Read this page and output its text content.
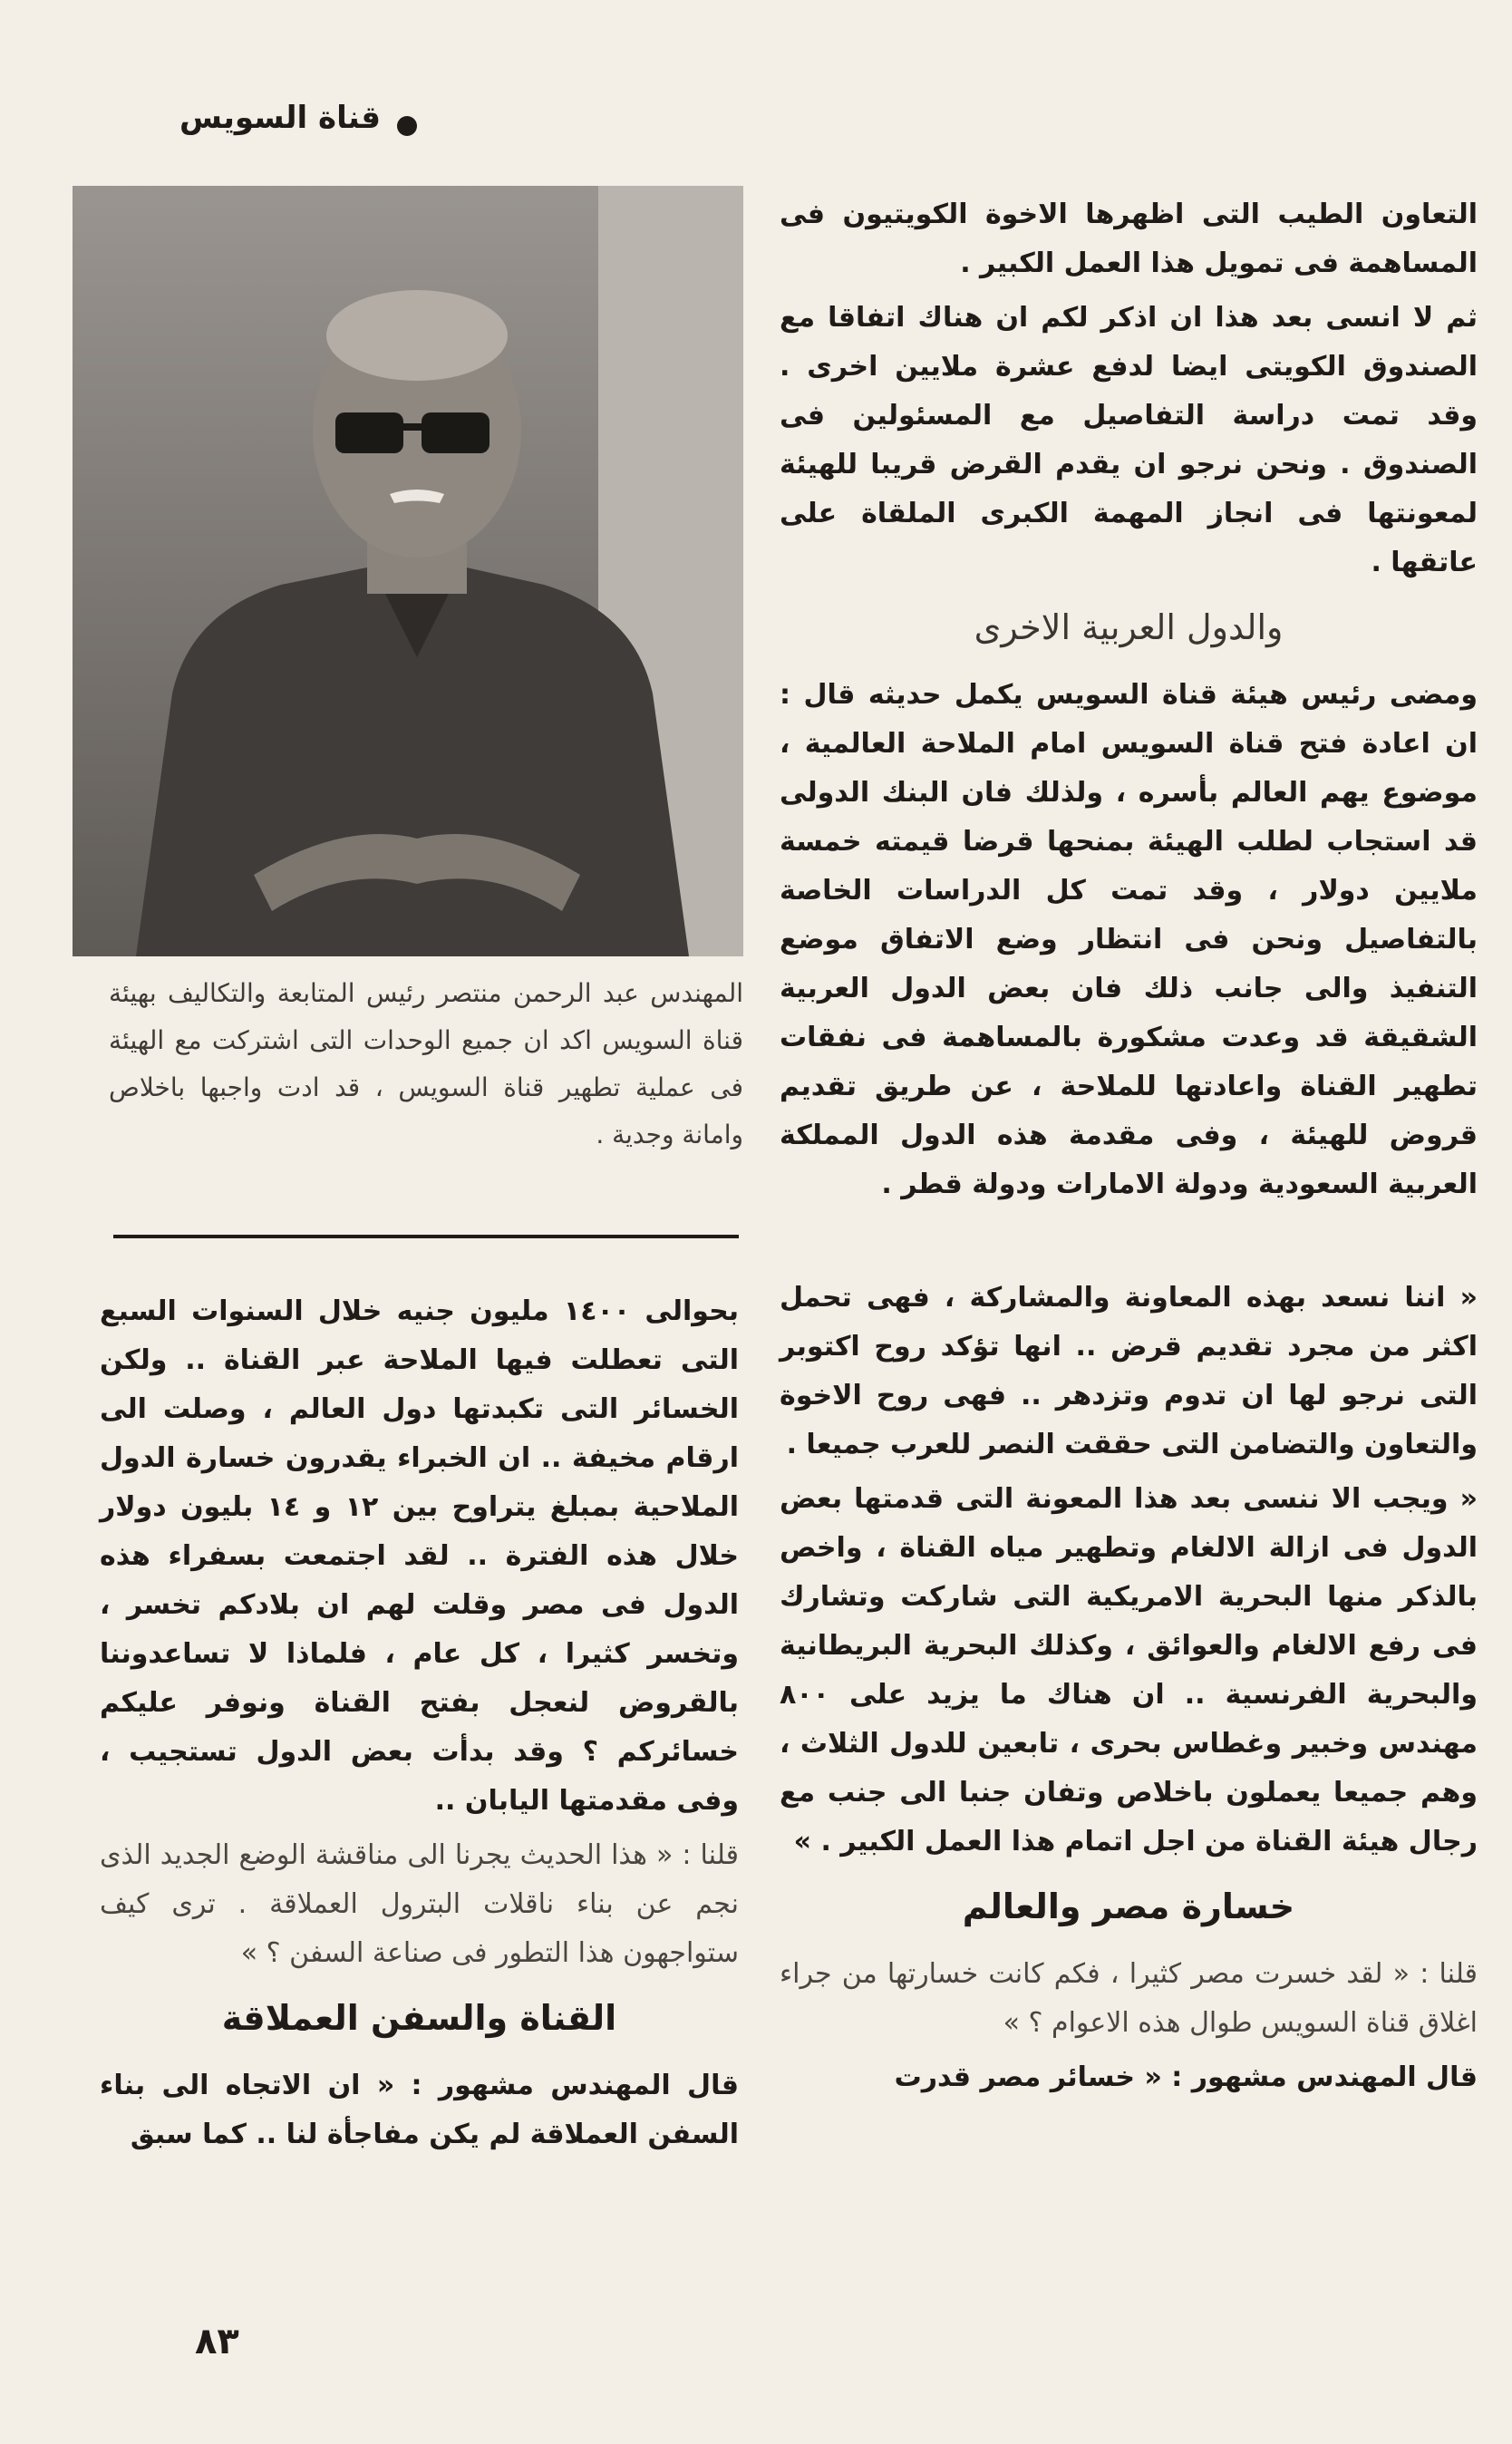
قناة السويس

المهندس عبد الرحمن منتصر رئيس المتابعة والتكاليف بهيئة قناة السويس اكد ان جميع الوحدات التى اشتركت مع الهيئة فى عملية تطهير قناة السويس ، قد ادت واجبها باخلاص وامانة وجدية .

التعاون الطيب التى اظهرها الاخوة الكويتيون فى المساهمة فى تمويل هذا العمل الكبير .

ثم لا انسى بعد هذا ان اذكر لكم ان هناك اتفاقا مع الصندوق الكويتى ايضا لدفع عشرة ملايين اخرى . وقد تمت دراسة التفاصيل مع المسئولين فى الصندوق . ونحن نرجو ان يقدم القرض قريبا للهيئة لمعونتها فى انجاز المهمة الكبرى الملقاة على عاتقها .

والدول العربية الاخرى

ومضى رئيس هيئة قناة السويس يكمل حديثه قال : ان اعادة فتح قناة السويس امام الملاحة العالمية ، موضوع يهم العالم بأسره ، ولذلك فان البنك الدولى قد استجاب لطلب الهيئة بمنحها قرضا قيمته خمسة ملايين دولار ، وقد تمت كل الدراسات الخاصة بالتفاصيل ونحن فى انتظار وضع الاتفاق موضع التنفيذ والى جانب ذلك فان بعض الدول العربية الشقيقة قد وعدت مشكورة بالمساهمة فى نفقات تطهير القناة واعادتها للملاحة ، عن طريق تقديم قروض للهيئة ، وفى مقدمة هذه الدول المملكة العربية السعودية ودولة الامارات ودولة قطر .

« اننا نسعد بهذه المعاونة والمشاركة ، فهى تحمل اكثر من مجرد تقديم قرض .. انها تؤكد روح اكتوبر التى نرجو لها ان تدوم وتزدهر .. فهى روح الاخوة والتعاون والتضامن التى حققت النصر للعرب جميعا .

« ويجب الا ننسى بعد هذا المعونة التى قدمتها بعض الدول فى ازالة الالغام وتطهير مياه القناة ، واخص بالذكر منها البحرية الامريكية التى شاركت وتشارك فى رفع الالغام والعوائق ، وكذلك البحرية البريطانية والبحرية الفرنسية .. ان هناك ما يزيد على ٨٠٠ مهندس وخبير وغطاس بحرى ، تابعين للدول الثلاث ، وهم جميعا يعملون باخلاص وتفان جنبا الى جنب مع رجال هيئة القناة من اجل اتمام هذا العمل الكبير . »

خسارة مصر والعالم

قلنا : « لقد خسرت مصر كثيرا ، فكم كانت خسارتها من جراء اغلاق قناة السويس طوال هذه الاعوام ؟ »

قال المهندس مشهور : « خسائر مصر قدرت

بحوالى ١٤٠٠ مليون جنيه خلال السنوات السبع التى تعطلت فيها الملاحة عبر القناة .. ولكن الخسائر التى تكبدتها دول العالم ، وصلت الى ارقام مخيفة .. ان الخبراء يقدرون خسارة الدول الملاحية بمبلغ يتراوح بين ١٢ و ١٤ بليون دولار خلال هذه الفترة .. لقد اجتمعت بسفراء هذه الدول فى مصر وقلت لهم ان بلادكم تخسر ، وتخسر كثيرا ، كل عام ، فلماذا لا تساعدوننا بالقروض لنعجل بفتح القناة ونوفر عليكم خسائركم ؟ وقد بدأت بعض الدول تستجيب ، وفى مقدمتها اليابان ..

قلنا : « هذا الحديث يجرنا الى مناقشة الوضع الجديد الذى نجم عن بناء ناقلات البترول العملاقة . ترى كيف ستواجهون هذا التطور فى صناعة السفن ؟ »

القناة والسفن العملاقة

قال المهندس مشهور : « ان الاتجاه الى بناء السفن العملاقة لم يكن مفاجأة لنا .. كما سبق

٨٣
